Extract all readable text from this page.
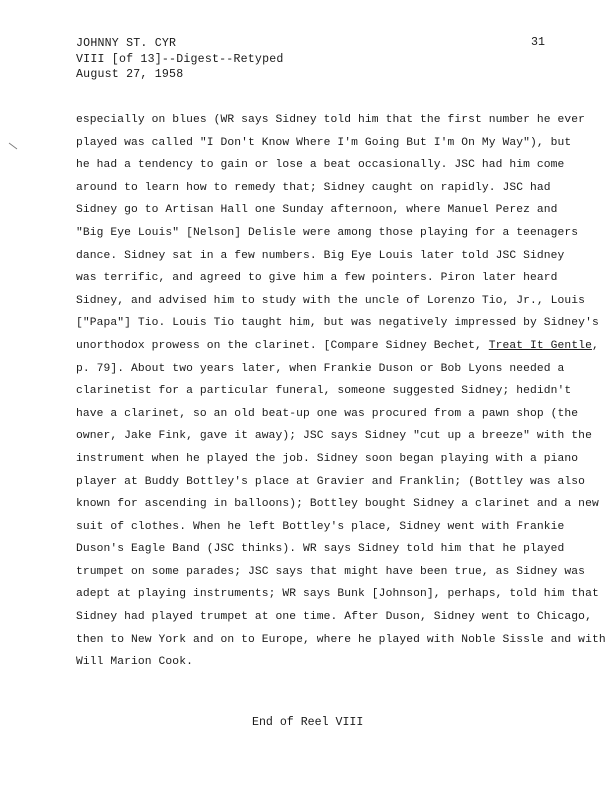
JOHNNY ST. CYR
VIII [of 13]--Digest--Retyped
August 27, 1958
31
especially on blues (WR says Sidney told him that the first number he ever
played was called "I Don't Know Where I'm Going But I'm On My Way"), but
he had a tendency to gain or lose a beat occasionally. JSC had him come
around to learn how to remedy that; Sidney caught on rapidly. JSC had
Sidney go to Artisan Hall one Sunday afternoon, where Manuel Perez and
"Big Eye Louis" [Nelson] Delisle were among those playing for a teenagers
dance. Sidney sat in a few numbers. Big Eye Louis later told JSC Sidney
was terrific, and agreed to give him a few pointers. Piron later heard
Sidney, and advised him to study with the uncle of Lorenzo Tio, Jr., Louis
["Papa"] Tio. Louis Tio taught him, but was negatively impressed by Sidney's
unorthodox prowess on the clarinet. [Compare Sidney Bechet, Treat It Gentle,
p. 79]. About two years later, when Frankie Duson or Bob Lyons needed a
clarinetist for a particular funeral, someone suggested Sidney; hedidn't
have a clarinet, so an old beat-up one was procured from a pawn shop (the
owner, Jake Fink, gave it away); JSC says Sidney "cut up a breeze" with the
instrument when he played the job. Sidney soon began playing with a piano
player at Buddy Bottley's place at Gravier and Franklin; (Bottley was also
known for ascending in balloons); Bottley bought Sidney a clarinet and a new
suit of clothes. When he left Bottley's place, Sidney went with Frankie
Duson's Eagle Band (JSC thinks). WR says Sidney told him that he played
trumpet on some parades; JSC says that might have been true, as Sidney was
adept at playing instruments; WR says Bunk [Johnson], perhaps, told him that
Sidney had played trumpet at one time. After Duson, Sidney went to Chicago,
then to New York and on to Europe, where he played with Noble Sissle and with
Will Marion Cook.
End of Reel VIII
